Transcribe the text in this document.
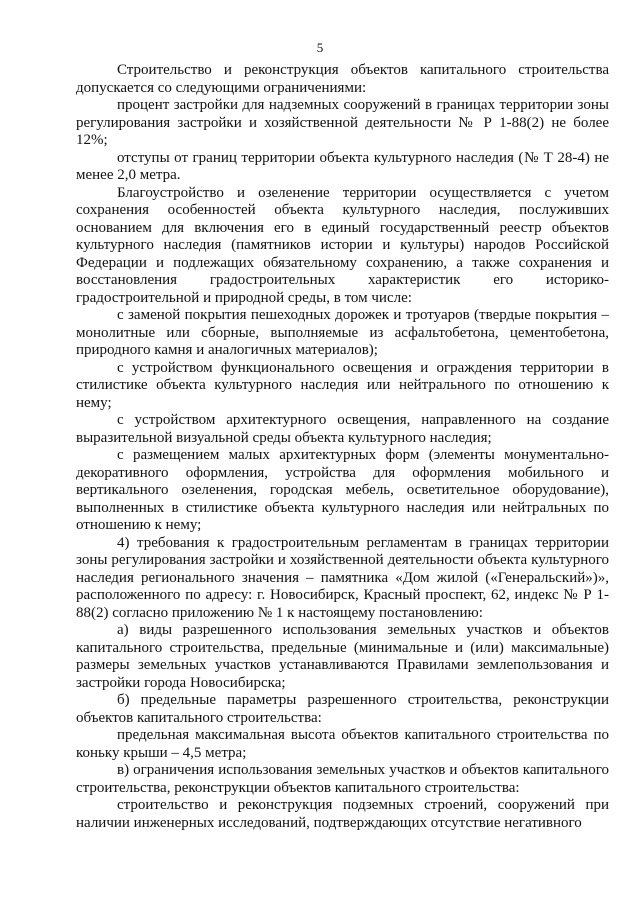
5

Строительство и реконструкция объектов капитального строительства допускается со следующими ограничениями:

процент застройки для надземных сооружений в границах территории зоны регулирования застройки и хозяйственной деятельности № Р 1-88(2) не более 12%;

отступы от границ территории объекта культурного наследия (№ Т 28-4) не менее 2,0 метра.

Благоустройство и озеленение территории осуществляется с учетом сохранения особенностей объекта культурного наследия, послуживших основанием для включения его в единый государственный реестр объектов культурного наследия (памятников истории и культуры) народов Российской Федерации и подлежащих обязательному сохранению, а также сохранения и восстановления градостроительных характеристик его историко-градостроительной и природной среды, в том числе:

с заменой покрытия пешеходных дорожек и тротуаров (твердые покрытия – монолитные или сборные, выполняемые из асфальтобетона, цементобетона, природного камня и аналогичных материалов);

с устройством функционального освещения и ограждения территории в стилистике объекта культурного наследия или нейтрального по отношению к нему;

с устройством архитектурного освещения, направленного на создание выразительной визуальной среды объекта культурного наследия;

с размещением малых архитектурных форм (элементы монументально-декоративного оформления, устройства для оформления мобильного и вертикального озеленения, городская мебель, осветительное оборудование), выполненных в стилистике объекта культурного наследия или нейтральных по отношению к нему;

4) требования к градостроительным регламентам в границах территории зоны регулирования застройки и хозяйственной деятельности объекта культурного наследия регионального значения – памятника «Дом жилой («Генеральский»)», расположенного по адресу: г. Новосибирск, Красный проспект, 62, индекс № Р 1-88(2) согласно приложению № 1 к настоящему постановлению:

а) виды разрешенного использования земельных участков и объектов капитального строительства, предельные (минимальные и (или) максимальные) размеры земельных участков устанавливаются Правилами землепользования и застройки города Новосибирска;

б) предельные параметры разрешенного строительства, реконструкции объектов капитального строительства:

предельная максимальная высота объектов капитального строительства по коньку крыши – 4,5 метра;

в) ограничения использования земельных участков и объектов капитального строительства, реконструкции объектов капитального строительства:

строительство и реконструкция подземных строений, сооружений при наличии инженерных исследований, подтверждающих отсутствие негативного
